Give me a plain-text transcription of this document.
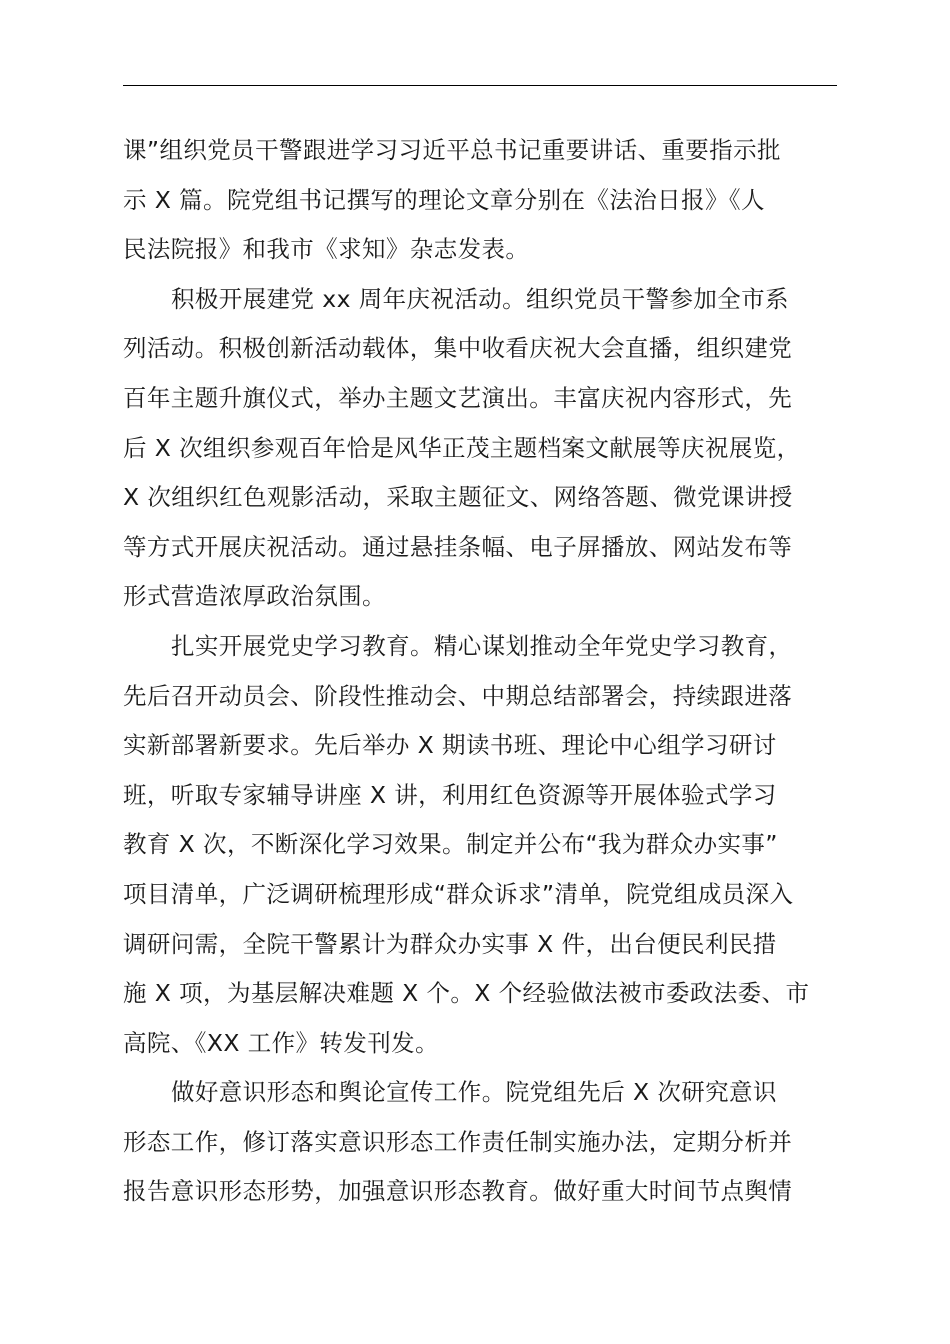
课”组织党员干警跟进学习习近平总书记重要讲话、重要指示批
示 X 篇。院党组书记撰写的理论文章分别在《法治日报》《人
民法院报》和我市《求知》杂志发表。
积极开展建党 xx 周年庆祝活动。组织党员干警参加全市系
列活动。积极创新活动载体，集中收看庆祝大会直播，组织建党
百年主题升旗仪式，举办主题文艺演出。丰富庆祝内容形式，先
后 X 次组织参观百年恰是风华正茂主题档案文献展等庆祝展览，
X 次组织红色观影活动，采取主题征文、网络答题、微党课讲授
等方式开展庆祝活动。通过悬挂条幅、电子屏播放、网站发布等
形式营造浓厚政治氛围。
扎实开展党史学习教育。精心谋划推动全年党史学习教育，
先后召开动员会、阶段性推动会、中期总结部署会，持续跟进落
实新部署新要求。先后举办 X 期读书班、理论中心组学习研讨
班，听取专家辅导讲座 X 讲，利用红色资源等开展体验式学习
教育 X 次，不断深化学习效果。制定并公布“我为群众办实事”
项目清单，广泛调研梳理形成“群众诉求”清单，院党组成员深入
调研问需，全院干警累计为群众办实事 X 件，出台便民利民措
施 X 项，为基层解决难题 X 个。X 个经验做法被市委政法委、市
高院、《XX 工作》转发刊发。
做好意识形态和舆论宣传工作。院党组先后 X 次研究意识
形态工作，修订落实意识形态工作责任制实施办法，定期分析并
报告意识形态形势，加强意识形态教育。做好重大时间节点舆情
